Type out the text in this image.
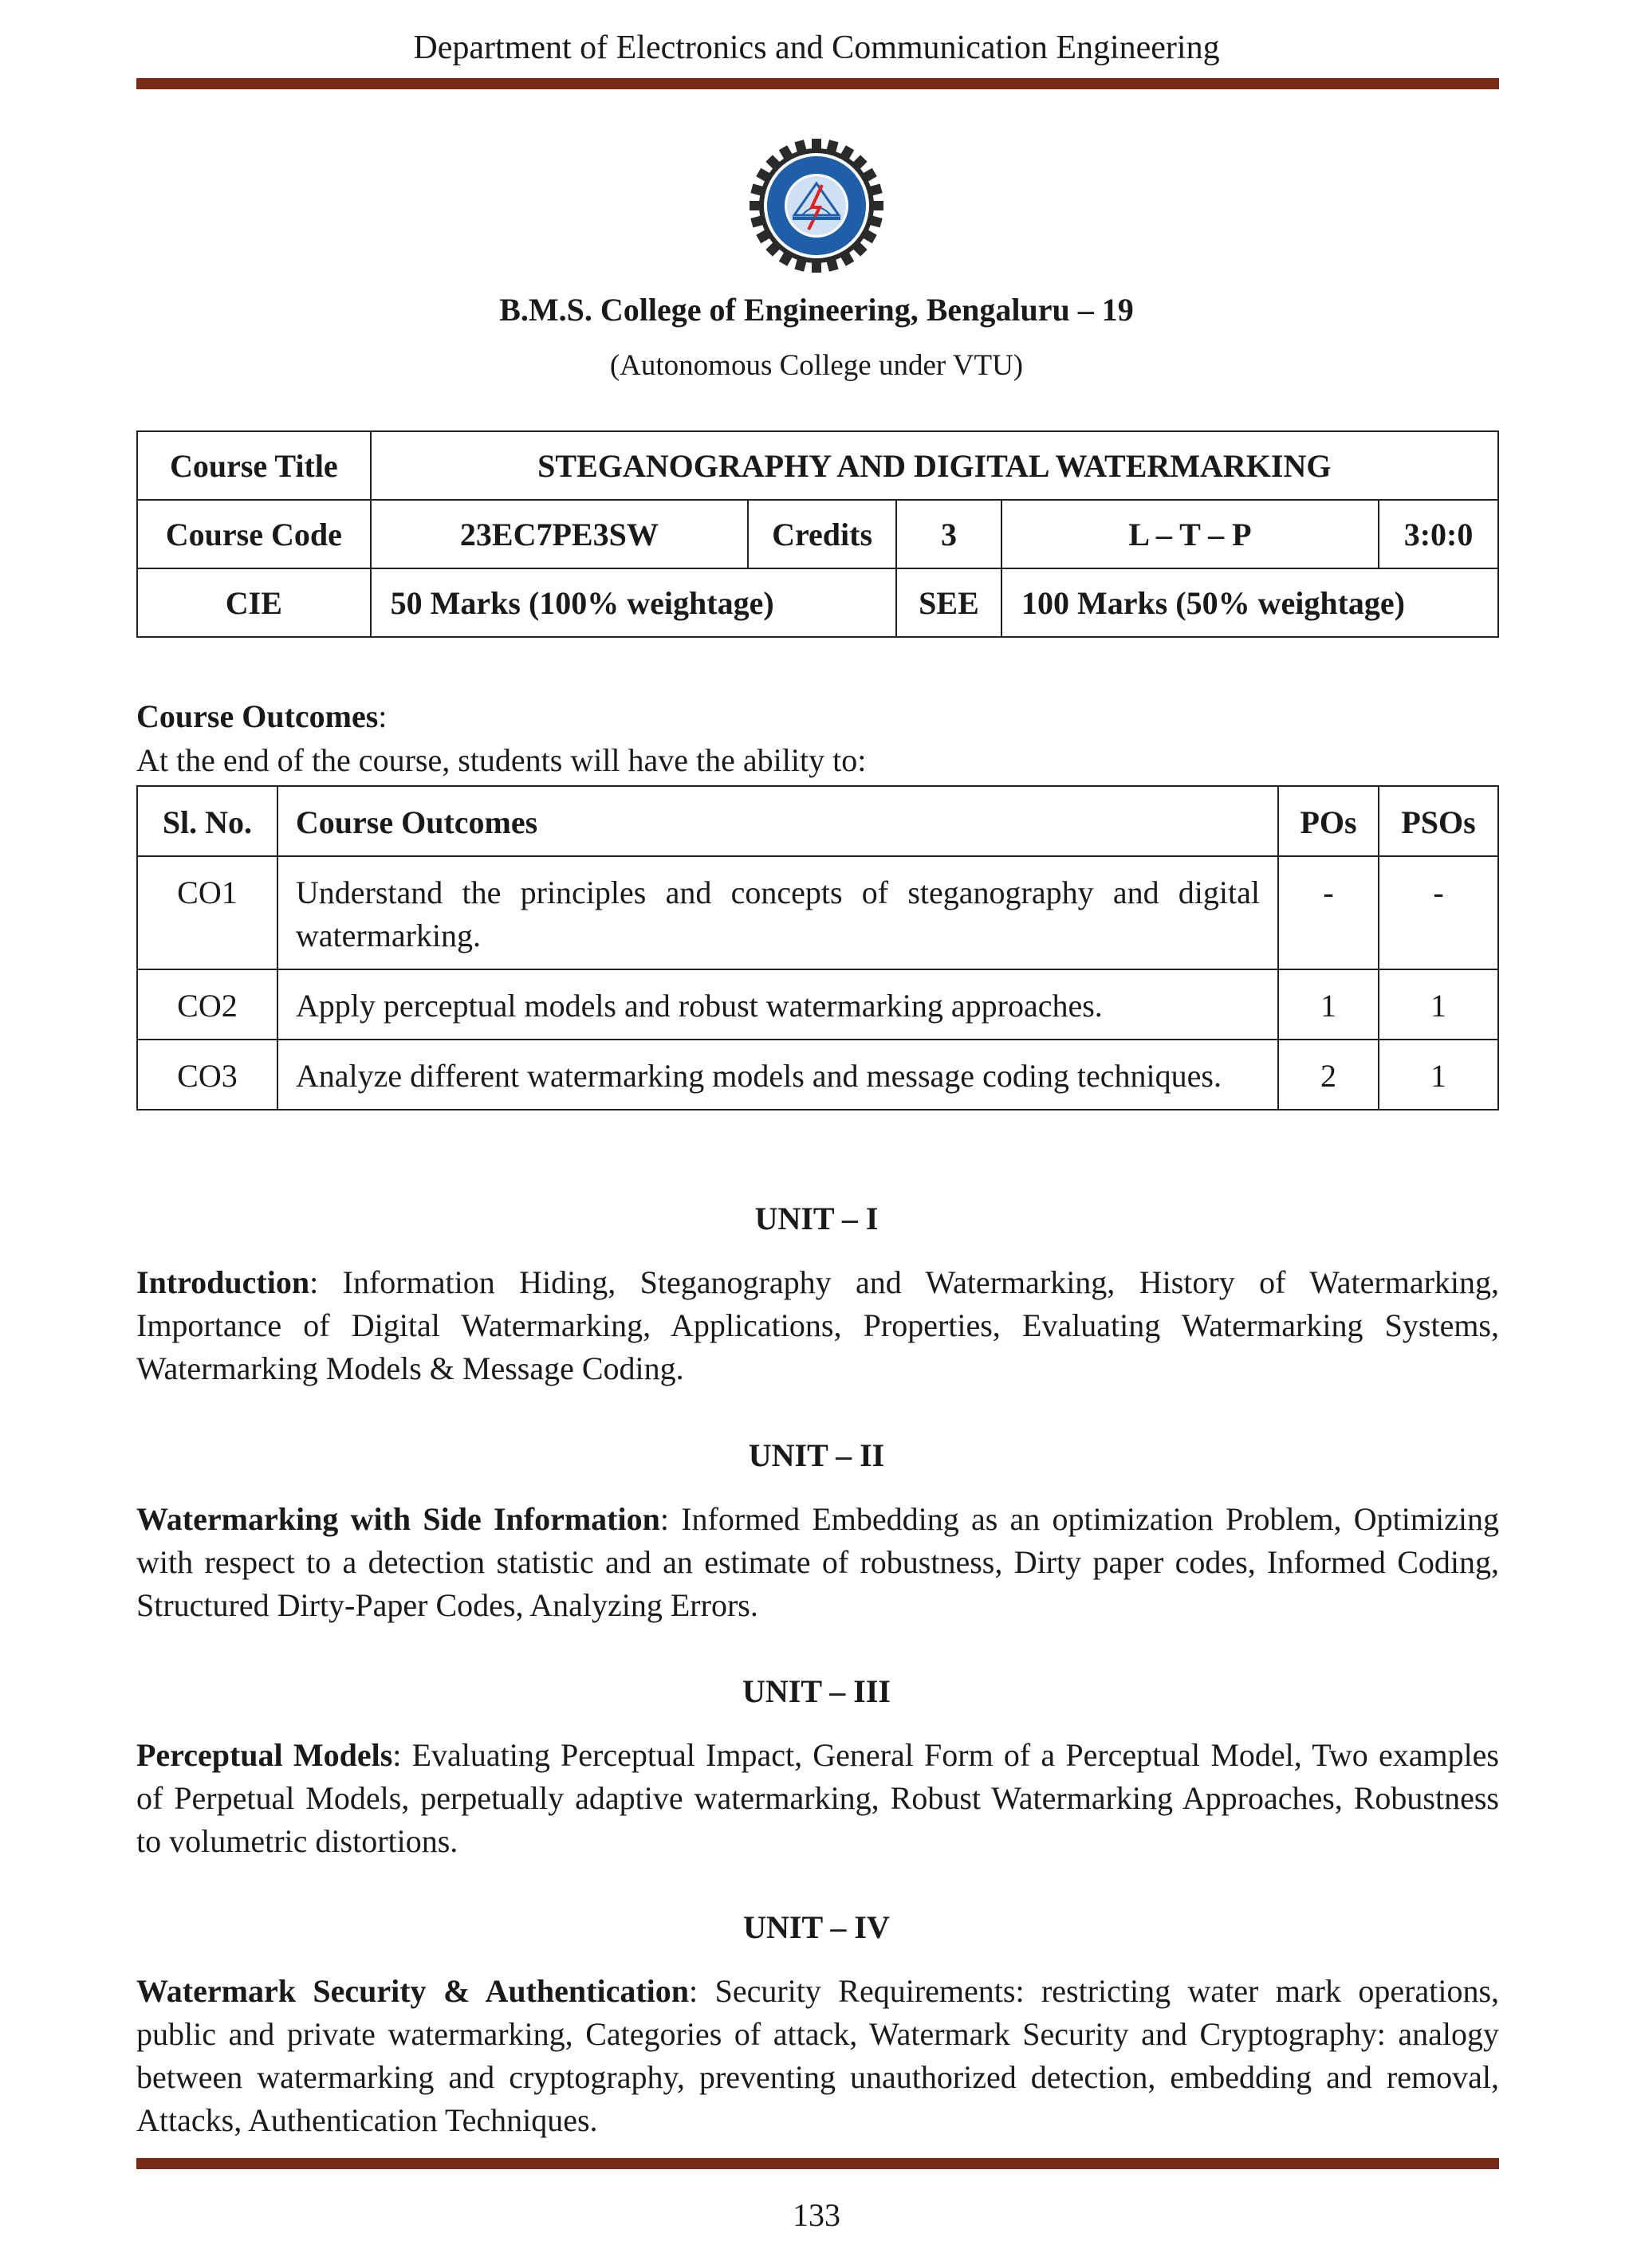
Department of Electronics and Communication Engineering
B.M.S. College of Engineering, Bengaluru – 19
(Autonomous College under VTU)
Course Title	STEGANOGRAPHY AND DIGITAL WATERMARKING				
Course Code	23EC7PE3SW	Credits	3	L – T – P	3:0:0
CIE	50 Marks (100% weightage)		SEE	100 Marks (50% weightage)	
Course Outcomes:
At the end of the course, students will have the ability to:
Sl. No.	Course Outcomes	POs	PSOs
CO1	Understand the principles and concepts of steganography and digital watermarking.	-	-
CO2	Apply perceptual models and robust watermarking approaches.	1	1
CO3	Analyze different watermarking models and message coding techniques.	2	1
UNIT – I
Introduction: Information Hiding, Steganography and Watermarking, History of Watermarking, Importance of Digital Watermarking, Applications, Properties, Evaluating Watermarking Systems, Watermarking Models & Message Coding.
UNIT – II
Watermarking with Side Information: Informed Embedding as an optimization Problem, Optimizing with respect to a detection statistic and an estimate of robustness, Dirty paper codes, Informed Coding, Structured Dirty-Paper Codes, Analyzing Errors.
UNIT – III
Perceptual Models: Evaluating Perceptual Impact, General Form of a Perceptual Model, Two examples of Perpetual Models, perpetually adaptive watermarking, Robust Watermarking Approaches, Robustness to volumetric distortions.
UNIT – IV
Watermark Security & Authentication: Security Requirements: restricting water mark operations, public and private watermarking, Categories of attack, Watermark Security and Cryptography: analogy between watermarking and cryptography, preventing unauthorized detection, embedding and removal, Attacks, Authentication Techniques.
133
